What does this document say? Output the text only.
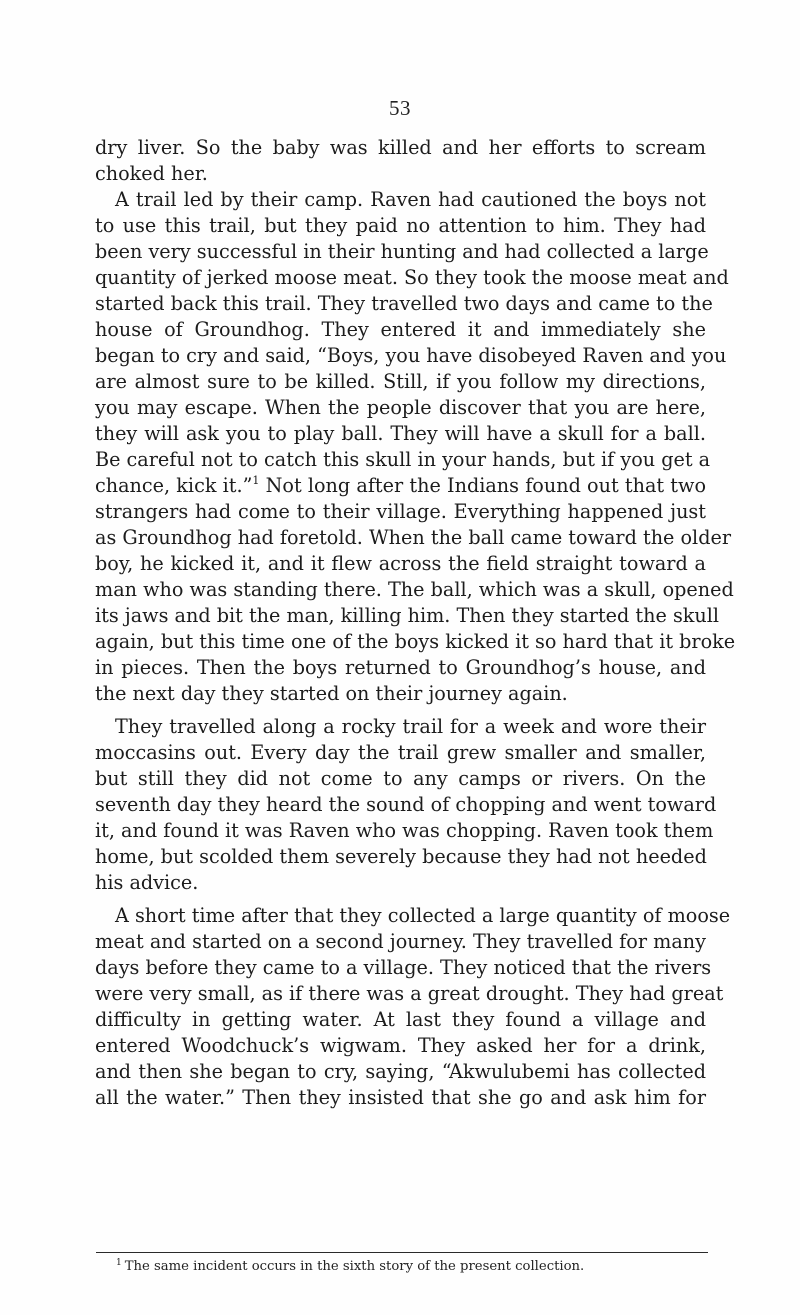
53
dry liver. So the baby was killed and her efforts to scream
choked her.
A trail led by their camp. Raven had cautioned the boys not
to use this trail, but they paid no attention to him. They had
been very successful in their hunting and had collected a large
quantity of jerked moose meat. So they took the moose meat and
started back this trail. They travelled two days and came to the
house of Groundhog. They entered it and immediately she
began to cry and said, “Boys, you have disobeyed Raven and you
are almost sure to be killed. Still, if you follow my directions,
you may escape. When the people discover that you are here,
they will ask you to play ball. They will have a skull for a ball.
Be careful not to catch this skull in your hands, but if you get a
chance, kick it.”$^1$ Not long after the Indians found out that two
strangers had come to their village. Everything happened just
as Groundhog had foretold. When the ball came toward the older
boy, he kicked it, and it flew across the field straight toward a
man who was standing there. The ball, which was a skull, opened
its jaws and bit the man, killing him. Then they started the skull
again, but this time one of the boys kicked it so hard that it broke
in pieces. Then the boys returned to Groundhog’s house, and
the next day they started on their journey again.
They travelled along a rocky trail for a week and wore their
moccasins out. Every day the trail grew smaller and smaller,
but still they did not come to any camps or rivers. On the
seventh day they heard the sound of chopping and went toward
it, and found it was Raven who was chopping. Raven took them
home, but scolded them severely because they had not heeded
his advice.
A short time after that they collected a large quantity of moose
meat and started on a second journey. They travelled for many
days before they came to a village. They noticed that the rivers
were very small, as if there was a great drought. They had great
difficulty in getting water. At last they found a village and
entered Woodchuck’s wigwam. They asked her for a drink,
and then she began to cry, saying, “Akwulubemi has collected
all the water.” Then they insisted that she go and ask him for
$^1$ The same incident occurs in the sixth story of the present collection.
